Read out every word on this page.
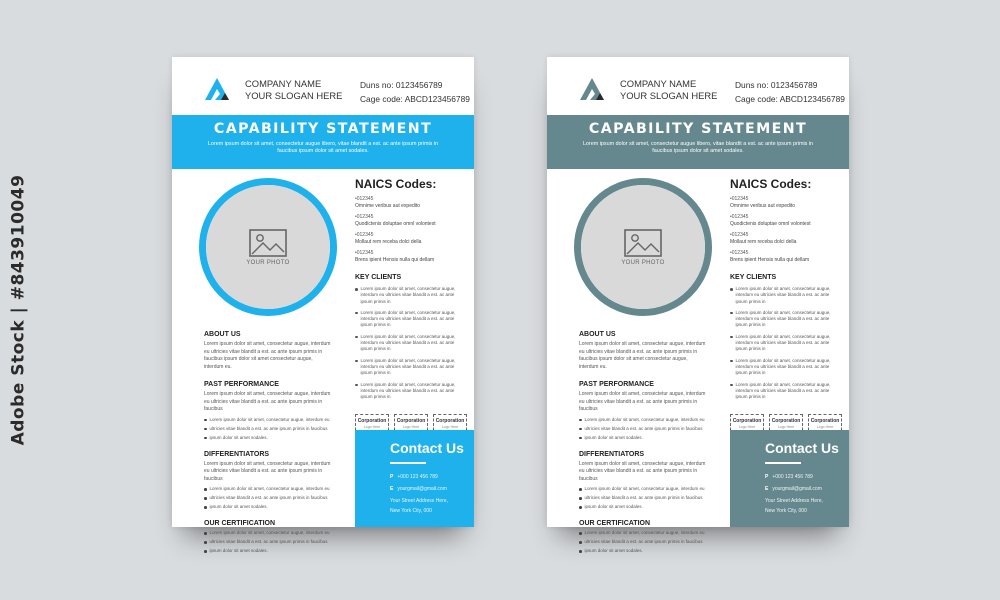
Adobe Stock | #843910049
COMPANY NAME
YOUR SLOGAN HERE
Duns no: 0123456789
Cage code: ABCD123456789
CAPABILITY STATEMENT

Lorem ipsum dolor sit amet, consectetur augue libero, vitae blandit a est. ac ante ipsum primis in faucibus ipsum dolor sit amet sodales.

YOUR PHOTO
NAICS Codes:
•012345
Omnime veribus aut expedito
•012345
Quodictenis doluptae omnl volontest
•012345
Mollaut rem receba dolci della
•012345
Brens ipient Hensis nulla qui dellam
KEY CLIENTS
Lorem ipsum dolor sit amet, consectetur augue, interdum eu ultricies vitae blandit a est. ac ante ipsum primis in
Lorem ipsum dolor sit amet, consectetur augue, interdum eu ultricies vitae blandit a est. ac ante ipsum primis in
Lorem ipsum dolor sit amet, consectetur augue, interdum eu ultricies vitae blandit a est. ac ante ipsum primis in
Lorem ipsum dolor sit amet, consectetur augue, interdum eu ultricies vitae blandit a est. ac ante ipsum primis in
Lorem ipsum dolor sit amet, consectetur augue, interdum eu ultricies vitae blandit a est. ac ante ipsum primis in
Corporation
Logo Here
Corporation
Logo Here
Corporation
Logo Here
ABOUT US
Lorem ipsum dolor sit amet, consectetur augue, interdum eu ultricies vitae blandit a est. ac ante ipsum primis in faucibus ipsum dolor sit amet consectetur augue, interdum eu.
PAST PERFORMANCE
Lorem ipsum dolor sit amet, consectetur augue, interdum eu ultricies vitae blandit a est. ac ante ipsum primis in faucibus
Lorem ipsum dolor sit amet, consectetur augue, interdum eu
ultricies vitae blandit a est. ac ante ipsum primis in faucibus
ipsum dolor sit amet sodales.
DIFFERENTIATORS
Lorem ipsum dolor sit amet, consectetur augue, interdum eu ultricies vitae blandit a est. ac ante ipsum primis in faucibus
Lorem ipsum dolor sit amet, consectetur augue, interdum eu
ultricies vitae blandit a est. ac ante ipsum primis in faucibus
ipsum dolor sit amet sodales.
OUR CERTIFICATION
Lorem ipsum dolor sit amet, consectetur augue, interdum eu
ultricies vitae blandit a est. ac ante ipsum primis in faucibus
ipsum dolor sit amet sodales.
Contact Us
P +000 123 456 789
E yourgmail@gmail.com
Your Street Address Here,
New York City, 000
COMPANY NAME
YOUR SLOGAN HERE
Duns no: 0123456789
Cage code: ABCD123456789
CAPABILITY STATEMENT

Lorem ipsum dolor sit amet, consectetur augue libero, vitae blandit a est. ac ante ipsum primis in faucibus ipsum dolor sit amet sodales.

YOUR PHOTO
NAICS Codes:
•012345
Omnime veribus aut expedito
•012345
Quodictenis doluptae omnl volontest
•012345
Mollaut rem receba dolci della
•012345
Brens ipient Hensis nulla qui dellam
KEY CLIENTS
Lorem ipsum dolor sit amet, consectetur augue, interdum eu ultricies vitae blandit a est. ac ante ipsum primis in
Lorem ipsum dolor sit amet, consectetur augue, interdum eu ultricies vitae blandit a est. ac ante ipsum primis in
Lorem ipsum dolor sit amet, consectetur augue, interdum eu ultricies vitae blandit a est. ac ante ipsum primis in
Lorem ipsum dolor sit amet, consectetur augue, interdum eu ultricies vitae blandit a est. ac ante ipsum primis in
Lorem ipsum dolor sit amet, consectetur augue, interdum eu ultricies vitae blandit a est. ac ante ipsum primis in
Corporation
Logo Here
Corporation
Logo Here
Corporation
Logo Here
ABOUT US
Lorem ipsum dolor sit amet, consectetur augue, interdum eu ultricies vitae blandit a est. ac ante ipsum primis in faucibus ipsum dolor sit amet consectetur augue, interdum eu.
PAST PERFORMANCE
Lorem ipsum dolor sit amet, consectetur augue, interdum eu ultricies vitae blandit a est. ac ante ipsum primis in faucibus
Lorem ipsum dolor sit amet, consectetur augue, interdum eu
ultricies vitae blandit a est. ac ante ipsum primis in faucibus
ipsum dolor sit amet sodales.
DIFFERENTIATORS
Lorem ipsum dolor sit amet, consectetur augue, interdum eu ultricies vitae blandit a est. ac ante ipsum primis in faucibus
Lorem ipsum dolor sit amet, consectetur augue, interdum eu
ultricies vitae blandit a est. ac ante ipsum primis in faucibus
ipsum dolor sit amet sodales.
OUR CERTIFICATION
Lorem ipsum dolor sit amet, consectetur augue, interdum eu
ultricies vitae blandit a est. ac ante ipsum primis in faucibus
ipsum dolor sit amet sodales.
Contact Us
P +000 123 456 789
E yourgmail@gmail.com
Your Street Address Here,
New York City, 000
